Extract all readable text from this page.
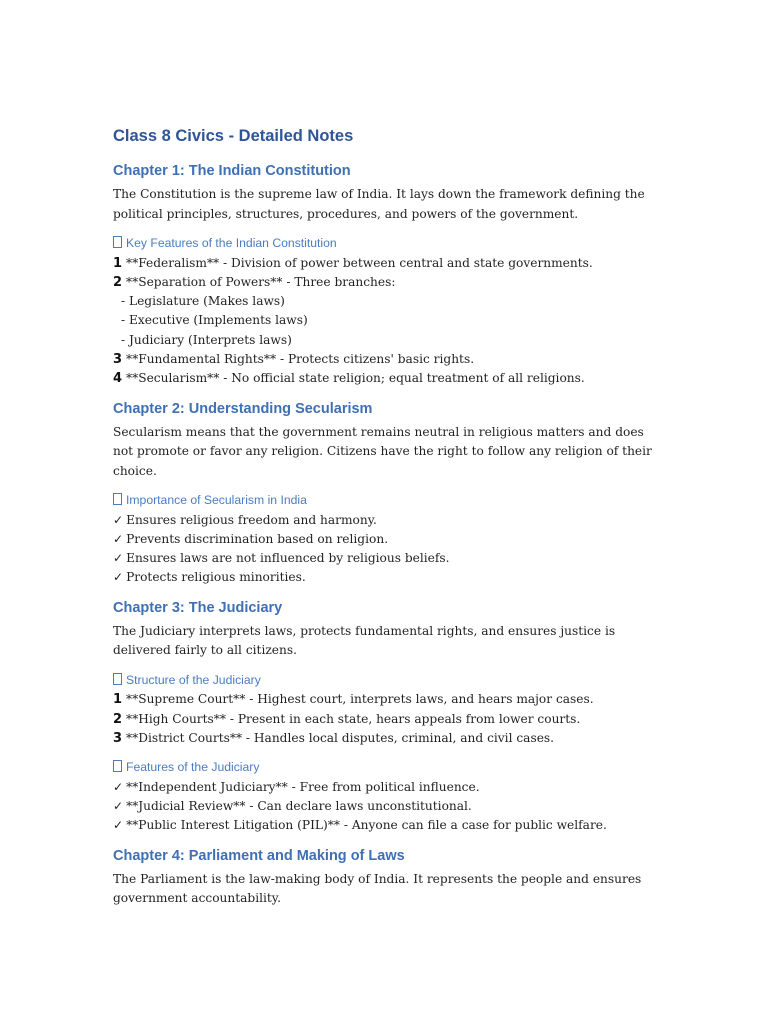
Class 8 Civics - Detailed Notes
Chapter 1: The Indian Constitution

The Constitution is the supreme law of India. It lays down the framework defining the political principles, structures, procedures, and powers of the government.

Key Features of the Indian Constitution
1 **Federalism** - Division of power between central and state governments.
2 **Separation of Powers** - Three branches:
- Legislature (Makes laws)
- Executive (Implements laws)
- Judiciary (Interprets laws)
3 **Fundamental Rights** - Protects citizens' basic rights.
4 **Secularism** - No official state religion; equal treatment of all religions.
Chapter 2: Understanding Secularism

Secularism means that the government remains neutral in religious matters and does not promote or favor any religion. Citizens have the right to follow any religion of their choice.

Importance of Secularism in India
✓ Ensures religious freedom and harmony.
✓ Prevents discrimination based on religion.
✓ Ensures laws are not influenced by religious beliefs.
✓ Protects religious minorities.
Chapter 3: The Judiciary

The Judiciary interprets laws, protects fundamental rights, and ensures justice is delivered fairly to all citizens.

Structure of the Judiciary
1 **Supreme Court** - Highest court, interprets laws, and hears major cases.
2 **High Courts** - Present in each state, hears appeals from lower courts.
3 **District Courts** - Handles local disputes, criminal, and civil cases.
Features of the Judiciary
✓ **Independent Judiciary** - Free from political influence.
✓ **Judicial Review** - Can declare laws unconstitutional.
✓ **Public Interest Litigation (PIL)** - Anyone can file a case for public welfare.
Chapter 4: Parliament and Making of Laws

The Parliament is the law-making body of India. It represents the people and ensures government accountability.
